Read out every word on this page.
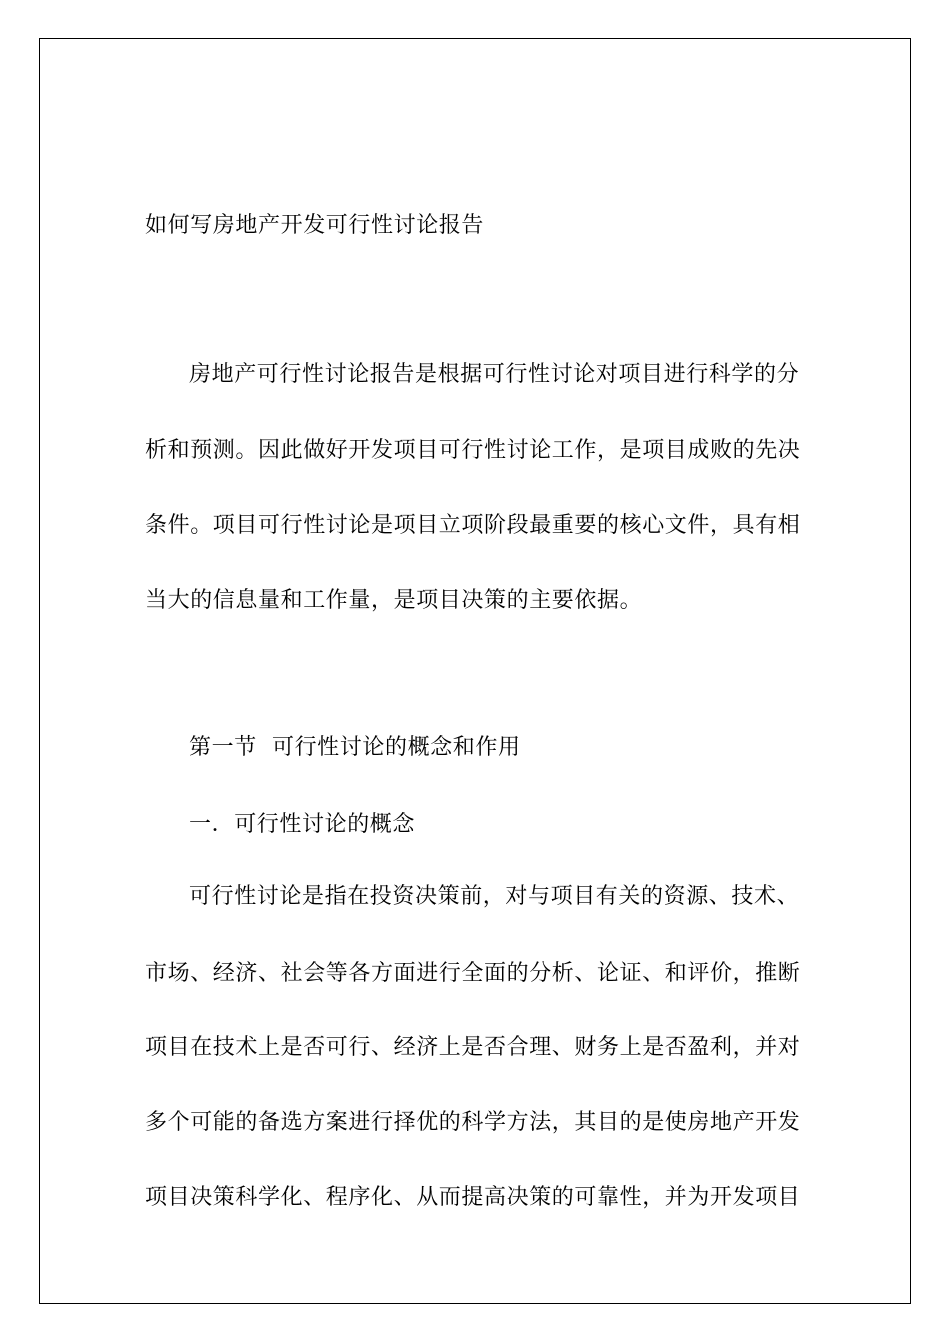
如何写房地产开发可行性讨论报告
房地产可行性讨论报告是根据可行性讨论对项目进行科学的分
析和预测。因此做好开发项目可行性讨论工作，是项目成败的先决
条件。项目可行性讨论是项目立项阶段最重要的核心文件，具有相
当大的信息量和工作量，是项目决策的主要依据。
第一节  可行性讨论的概念和作用
一．可行性讨论的概念
可行性讨论是指在投资决策前，对与项目有关的资源、技术、
市场、经济、社会等各方面进行全面的分析、论证、和评价，推断
项目在技术上是否可行、经济上是否合理、财务上是否盈利，并对
多个可能的备选方案进行择优的科学方法，其目的是使房地产开发
项目决策科学化、程序化、从而提高决策的可靠性，并为开发项目
